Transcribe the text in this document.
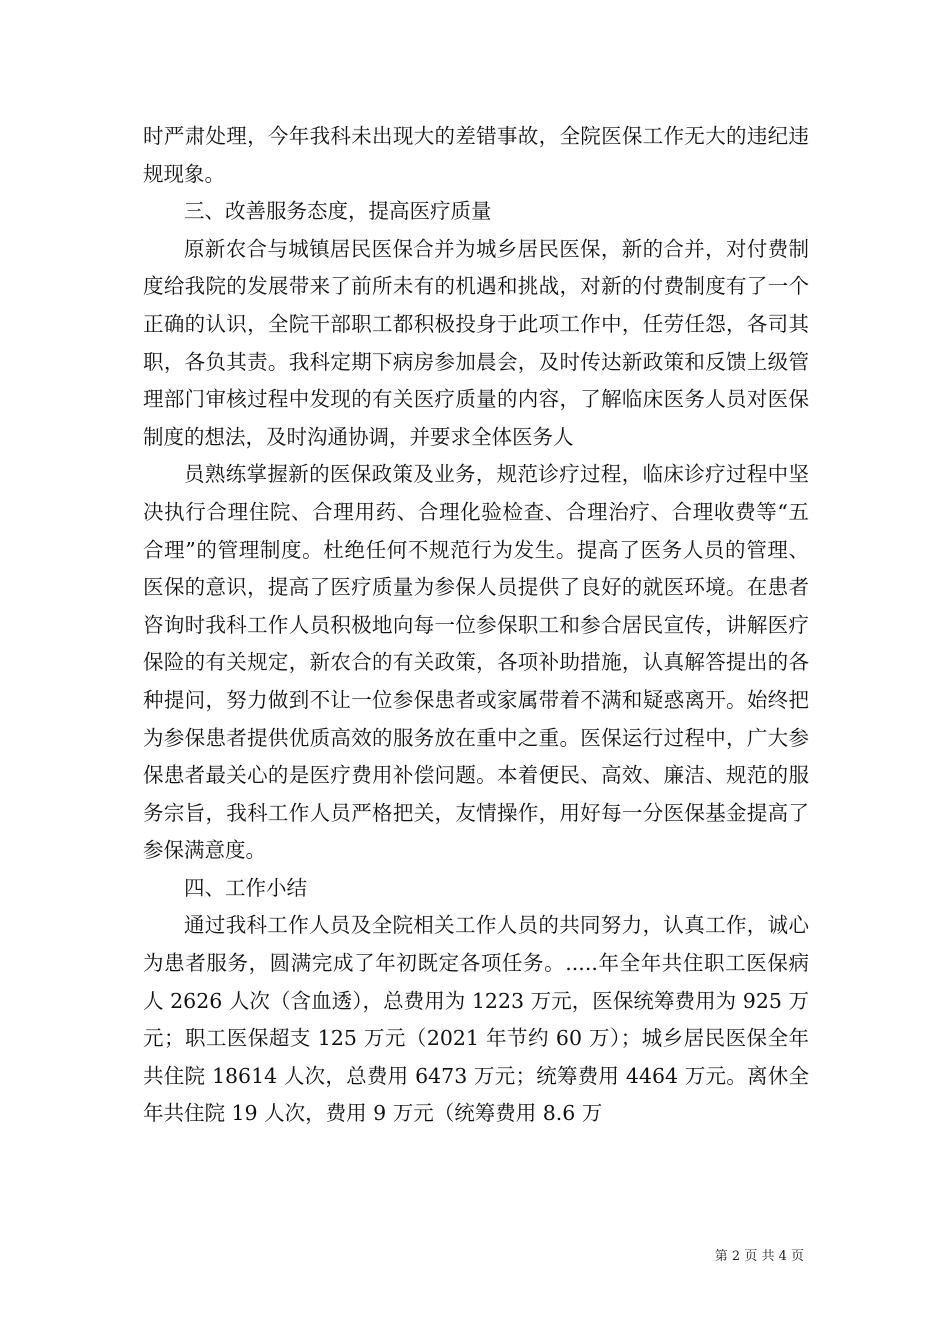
时严肃处理，今年我科未出现大的差错事故，全院医保工作无大的违纪违规现象。

三、改善服务态度，提高医疗质量

原新农合与城镇居民医保合并为城乡居民医保，新的合并，对付费制度给我院的发展带来了前所未有的机遇和挑战，对新的付费制度有了一个正确的认识，全院干部职工都积极投身于此项工作中，任劳任怨，各司其职，各负其责。我科定期下病房参加晨会，及时传达新政策和反馈上级管理部门审核过程中发现的有关医疗质量的内容，了解临床医务人员对医保制度的想法，及时沟通协调，并要求全体医务人

员熟练掌握新的医保政策及业务，规范诊疗过程，临床诊疗过程中坚决执行合理住院、合理用药、合理化验检查、合理治疗、合理收费等“五合理”的管理制度。杜绝任何不规范行为发生。提高了医务人员的管理、医保的意识，提高了医疗质量为参保人员提供了良好的就医环境。在患者咨询时我科工作人员积极地向每一位参保职工和参合居民宣传，讲解医疗保险的有关规定，新农合的有关政策，各项补助措施，认真解答提出的各种提问，努力做到不让一位参保患者或家属带着不满和疑惑离开。始终把为参保患者提供优质高效的服务放在重中之重。医保运行过程中，广大参保患者最关心的是医疗费用补偿问题。本着便民、高效、廉洁、规范的服务宗旨，我科工作人员严格把关，友情操作，用好每一分医保基金提高了参保满意度。

四、工作小结

通过我科工作人员及全院相关工作人员的共同努力，认真工作，诚心为患者服务，圆满完成了年初既定各项任务。.....年全年共住职工医保病人 2626 人次（含血透），总费用为 1223 万元，医保统筹费用为 925 万元；职工医保超支 125 万元（2021 年节约 60 万）；城乡居民医保全年共住院 18614 人次，总费用 6473 万元；统筹费用 4464 万元。离休全年共住院 19 人次，费用 9 万元（统筹费用 8.6 万

第 2 页 共 4 页
